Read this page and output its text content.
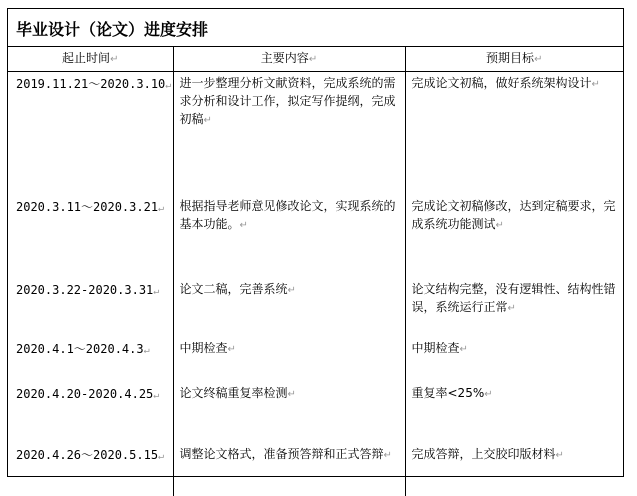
毕业设计（论文）进度安排
起止时间↵	主要内容↵	预期目标↵
2019.11.21～2020.3.10↵	进一步整理分析文献资料，完成系统的需求分析和设计工作，拟定写作提纲，完成初稿↵	完成论文初稿，做好系统架构设计↵
2020.3.11～2020.3.21↵	根据指导老师意见修改论文，实现系统的基本功能。↵	完成论文初稿修改，达到定稿要求，完成系统功能测试↵
2020.3.22-2020.3.31↵	论文二稿，完善系统↵	论文结构完整，没有逻辑性、结构性错误，系统运行正常↵
2020.4.1～2020.4.3↵	中期检查↵	中期检查↵
2020.4.20-2020.4.25↵	论文终稿重复率检测↵	重复率<25%↵
2020.4.26～2020.5.15↵	调整论文格式，准备预答辩和正式答辩↵	完成答辩，上交胶印版材料↵
